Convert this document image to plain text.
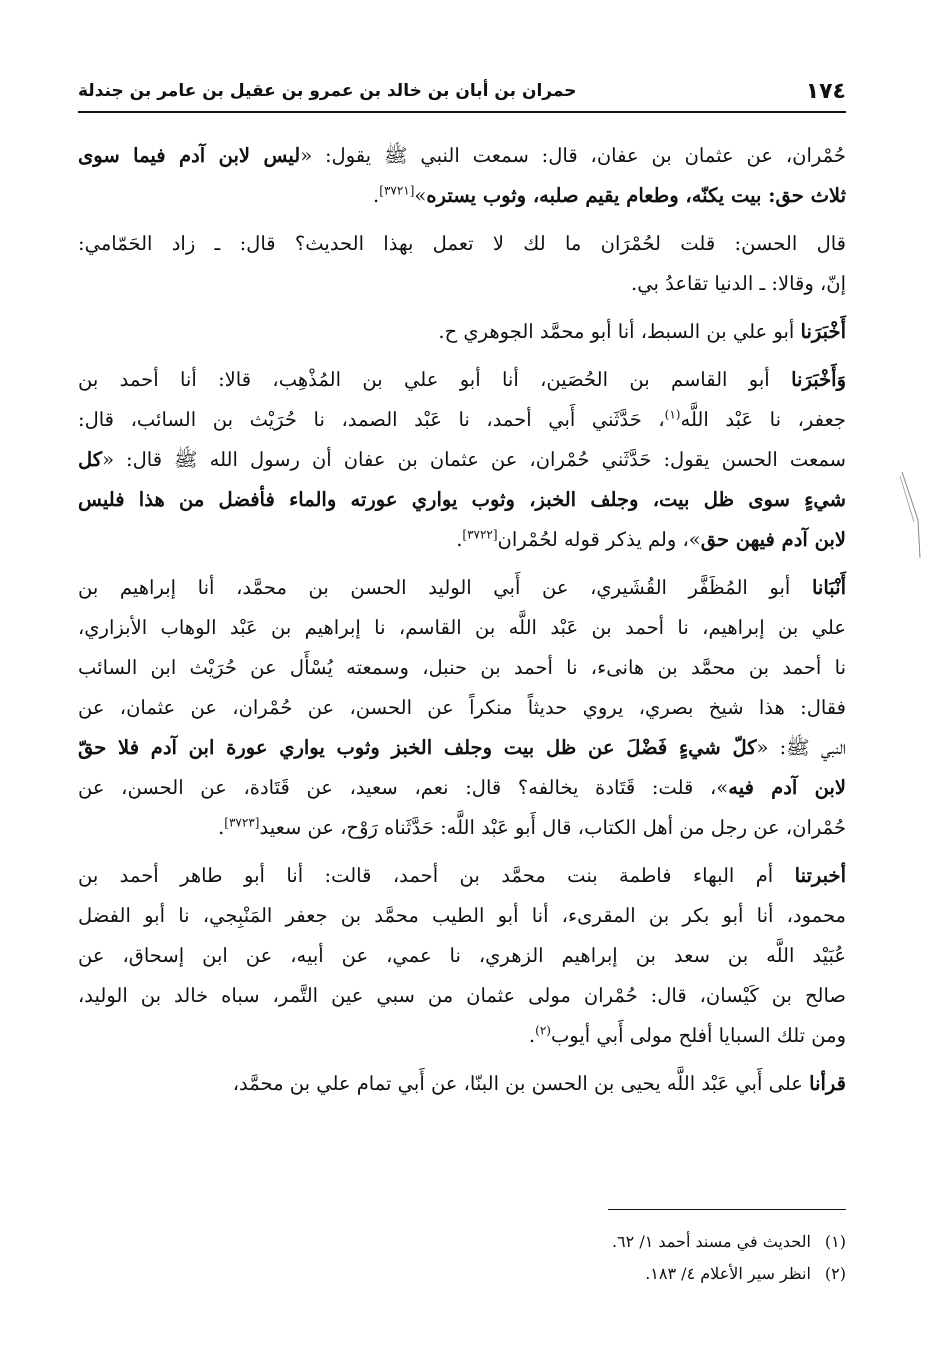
١٧٤
حمران بن أبان بن خالد بن عمرو بن عقيل بن عامر بن جندلة
حُمْران، عن عثمان بن عفان، قال: سمعت النبي ﷺ يقول: «ليس لابن آدم فيما سوى
ثلاث حق: بيت يكنّه، وطعام يقيم صلبه، وثوب يستره»[٣٧٢١].
قال الحسن: قلت لحُمْرَان ما لك لا تعمل بهذا الحديث؟ قال: ـ زاد الحَمّامي:
إنّ، وقالا: ـ الدنيا تقاعدُ بي.
أَخْبَرَنا أبو علي بن السبط، أنا أبو محمَّد الجوهري ح.
وَأَخْبَرَنا أبو القاسم بن الحُصَين، أنا أبو علي بن المُذْهِب، قالا: أنا أحمد بن
جعفر، نا عَبْد اللَّه$^{(١)}$، حَدَّثَني أَبي أحمد، نا عَبْد الصمد، نا حُرَيْث بن السائب، قال:
سمعت الحسن يقول: حَدَّثَني حُمْران، عن عثمان بن عفان أن رسول الله ﷺ قال: «كل
شيءٍ سوى ظل بيت، وجلف الخبز، وثوب يواري عورته والماء فأفضل من هذا فليس
لابن آدم فيهن حق»، ولم يذكر قوله لحُمْران[٣٧٢٢].
أَنْبَانا أبو المُظَفَّر القُشَيري، عن أَبي الوليد الحسن بن محمَّد، أنا إبراهيم بن
علي بن إبراهيم، نا أحمد بن عَبْد اللَّه بن القاسم، نا إبراهيم بن عَبْد الوهاب الأبزاري،
نا أحمد بن محمَّد بن هانىء، نا أحمد بن حنبل، وسمعته يُسْأَل عن حُرَيْث ابن السائب
فقال: هذا شيخ بصري، يروي حديثاً منكراً عن الحسن، عن حُمْران، عن عثمان، عن
النبي ﷺ: «كلّ شيءٍ فَضْلَ عن ظل بيت وجلف الخبز وثوب يواري عورة ابن آدم فلا حقّ
لابن آدم فيه»، قلت: قَتَادة يخالفه؟ قال: نعم، سعيد، عن قَتَادة، عن الحسن، عن
حُمْران، عن رجل من أهل الكتاب، قال أَبو عَبْد اللَّه: حَدَّثَناه رَوْح، عن سعيد[٣٧٢٣].
أخبرتنا أم البهاء فاطمة بنت محمَّد بن أحمد، قالت: أنا أبو طاهر أحمد بن
محمود، أنا أبو بكر بن المقرىء، أنا أبو الطيب محمَّد بن جعفر المَنْبِجي، نا أبو الفضل
عُبَيْد اللَّه بن سعد بن إبراهيم الزهري، نا عمي، عن أبيه، عن ابن إسحاق، عن
صالح بن كَيْسان، قال: حُمْران مولى عثمان من سبي عين التَّمر، سباه خالد بن الوليد،
ومن تلك السبايا أفلح مولى أَبي أيوب$^{(٢)}$.
قرأنا على أَبي عَبْد اللَّه يحيى بن الحسن بن البنّا، عن أَبي تمام علي بن محمَّد،
(١)
الحديث في مسند أحمد ١/ ٦٢.
(٢)
انظر سير الأعلام ٤/ ١٨٣.
